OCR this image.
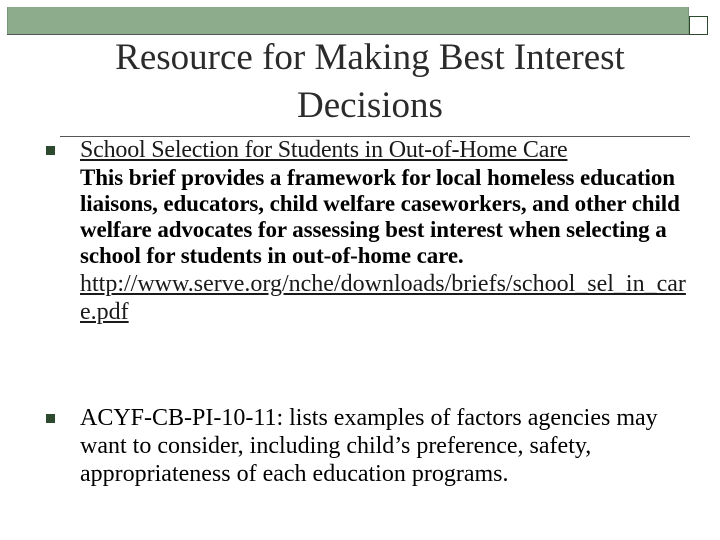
Resource for Making Best Interest Decisions
School Selection for Students in Out-of-Home Care
This brief provides a framework for local homeless education liaisons, educators, child welfare caseworkers, and other child welfare advocates for assessing best interest when selecting a school for students in out-of-home care.
http://www.serve.org/nche/downloads/briefs/school_sel_in_care.pdf
ACYF-CB-PI-10-11: lists examples of factors agencies may want to consider, including child’s preference, safety, appropriateness of each education programs.
